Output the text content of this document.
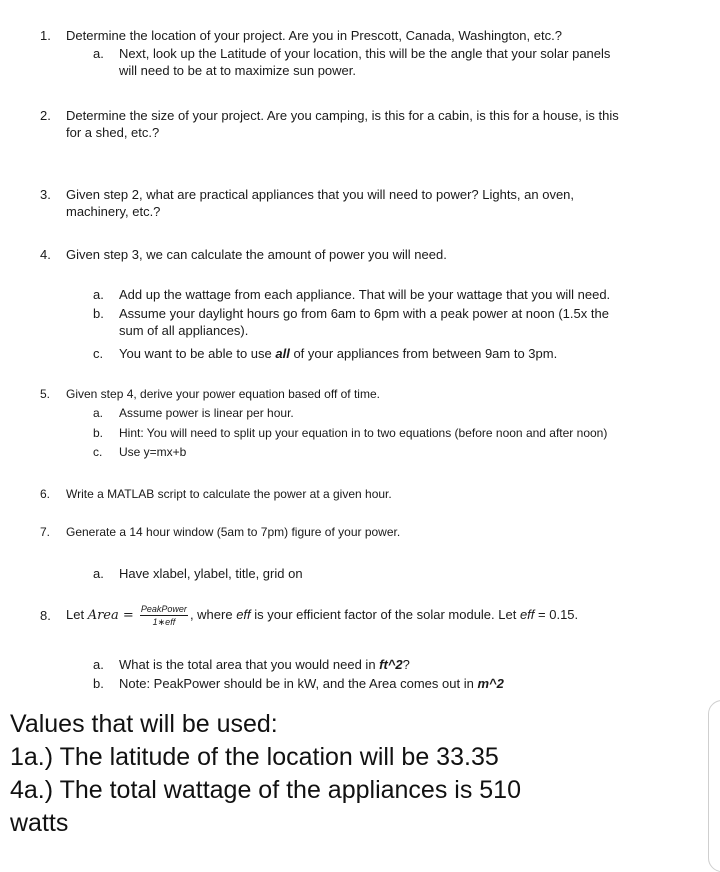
1. Determine the location of your project. Are you in Prescott, Canada, Washington, etc.?
a. Next, look up the Latitude of your location, this will be the angle that your solar panels
will need to be at to maximize sun power.
2. Determine the size of your project. Are you camping, is this for a cabin, is this for a house, is this
for a shed, etc.?
3. Given step 2, what are practical appliances that you will need to power? Lights, an oven,
machinery, etc.?
4. Given step 3, we can calculate the amount of power you will need.
a. Add up the wattage from each appliance. That will be your wattage that you will need.
b. Assume your daylight hours go from 6am to 6pm with a peak power at noon (1.5x the
sum of all appliances).
c. You want to be able to use all of your appliances from between 9am to 3pm.
5. Given step 4, derive your power equation based off of time.
a. Assume power is linear per hour.
b. Hint: You will need to split up your equation in to two equations (before noon and after noon)
c. Use y=mx+b
6. Write a MATLAB script to calculate the power at a given hour.
7. Generate a 14 hour window (5am to 7pm) figure of your power.
a. Have xlabel, ylabel, title, grid on
8. Let Area = $\frac{\text{PeakPower}}{\text{1∗eff}}$ , where eff is your efficient factor of the solar module. Let eff = 0.15.
a. What is the total area that you would need in ft^2?
b. Note: PeakPower should be in kW, and the Area comes out in m^2
Values that will be used:
1a.) The latitude of the location will be 33.35
4a.) The total wattage of the appliances is 510
watts
